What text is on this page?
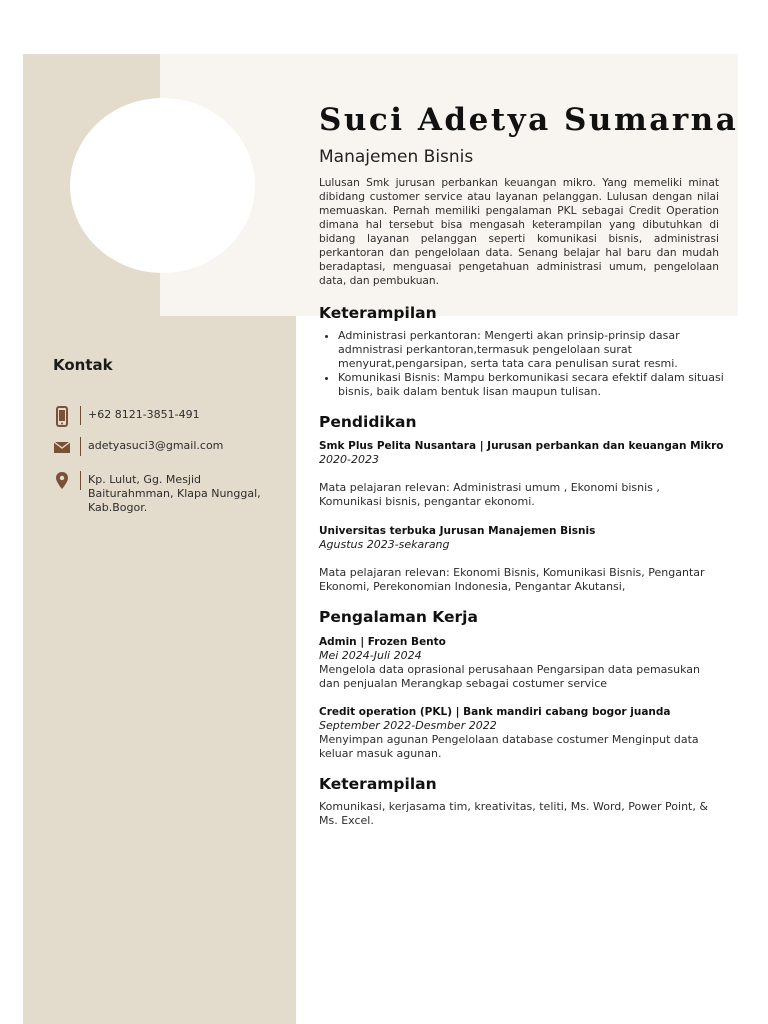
Suci Adetya Sumarna
Manajemen Bisnis
Lulusan Smk jurusan perbankan keuangan mikro. Yang memeliki minat dibidang customer service atau layanan pelanggan. Lulusan dengan nilai memuaskan. Pernah memiliki pengalaman PKL sebagai Credit Operation dimana hal tersebut bisa mengasah keterampilan yang dibutuhkan di bidang layanan pelanggan seperti komunikasi bisnis, administrasi perkantoran dan pengelolaan data. Senang belajar hal baru dan mudah beradaptasi, menguasai pengetahuan administrasi umum, pengelolaan data, dan pembukuan.
Kontak
+62 8121-3851-491
adetyasuci3@gmail.com
Kp. Lulut, Gg. Mesjid Baiturahmman, Klapa Nunggal, Kab.Bogor.
Keterampilan
• Administrasi perkantoran: Mengerti akan prinsip-prinsip dasar admnistrasi perkantoran,termasuk pengelolaan surat menyurat,pengarsipan, serta tata cara penulisan surat resmi.
• Komunikasi Bisnis: Mampu berkomunikasi secara efektif dalam situasi bisnis, baik dalam bentuk lisan maupun tulisan.
Pendidikan
Smk Plus Pelita Nusantara | Jurusan perbankan dan keuangan Mikro
2020-2023
Mata pelajaran relevan: Administrasi umum , Ekonomi bisnis , Komunikasi bisnis, pengantar ekonomi.
Universitas terbuka Jurusan Manajemen Bisnis
Agustus 2023-sekarang
Mata pelajaran relevan: Ekonomi Bisnis, Komunikasi Bisnis, Pengantar Ekonomi, Perekonomian Indonesia, Pengantar Akutansi,
Pengalaman Kerja
Admin | Frozen Bento
Mei 2024-Juli 2024
Mengelola data oprasional perusahaan Pengarsipan data pemasukan dan penjualan Merangkap sebagai costumer service
Credit operation (PKL) | Bank mandiri cabang bogor juanda
September 2022-Desmber 2022
Menyimpan agunan Pengelolaan database costumer Menginput data keluar masuk agunan.
Keterampilan
Komunikasi, kerjasama tim, kreativitas, teliti, Ms. Word, Power Point, & Ms. Excel.
